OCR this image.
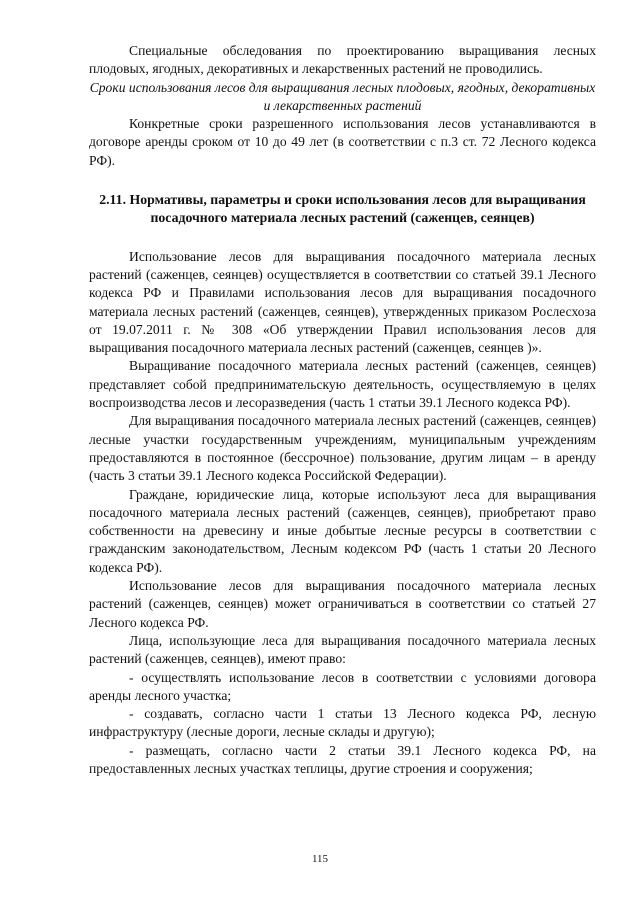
Специальные обследования по проектированию выращивания лесных плодовых, ягодных, декоративных и лекарственных растений не проводились.

Сроки использования лесов для выращивания лесных плодовых, ягодных, декоративных и лекарственных растений

Конкретные сроки разрешенного использования лесов устанавливаются в договоре аренды сроком от 10 до 49 лет (в соответствии с п.3 ст. 72 Лесного кодекса РФ).

2.11. Нормативы, параметры и сроки использования лесов для выращивания посадочного материала лесных растений (саженцев, сеянцев)

Использование лесов для выращивания посадочного материала лесных растений (саженцев, сеянцев) осуществляется в соответствии со статьей 39.1 Лесного кодекса РФ и Правилами использования лесов для выращивания посадочного материала лесных растений (саженцев, сеянцев), утвержденных приказом Рослесхоза от 19.07.2011 г. № 308 «Об утверждении Правил использования лесов для выращивания посадочного материала лесных растений (саженцев, сеянцев )».

Выращивание посадочного материала лесных растений (саженцев, сеянцев) представляет собой предпринимательскую деятельность, осуществляемую в целях воспроизводства лесов и лесоразведения (часть 1 статьи 39.1 Лесного кодекса РФ).

Для выращивания посадочного материала лесных растений (саженцев, сеянцев) лесные участки государственным учреждениям, муниципальным учреждениям предоставляются в постоянное (бессрочное) пользование, другим лицам – в аренду (часть 3 статьи 39.1 Лесного кодекса Российской Федерации).

Граждане, юридические лица, которые используют леса для выращивания посадочного материала лесных растений (саженцев, сеянцев), приобретают право собственности на древесину и иные добытые лесные ресурсы в соответствии с гражданским законодательством, Лесным кодексом РФ (часть 1 статьи 20 Лесного кодекса РФ).

Использование лесов для выращивания посадочного материала лесных растений (саженцев, сеянцев) может ограничиваться в соответствии со статьей 27 Лесного кодекса РФ.

Лица, использующие леса для выращивания посадочного материала лесных растений (саженцев, сеянцев), имеют право:

- осуществлять использование лесов в соответствии с условиями договора аренды лесного участка;

- создавать, согласно части 1 статьи 13 Лесного кодекса РФ, лесную инфраструктуру (лесные дороги, лесные склады и другую);

- размещать, согласно части 2 статьи 39.1 Лесного кодекса РФ, на предоставленных лесных участках теплицы, другие строения и сооружения;

115
